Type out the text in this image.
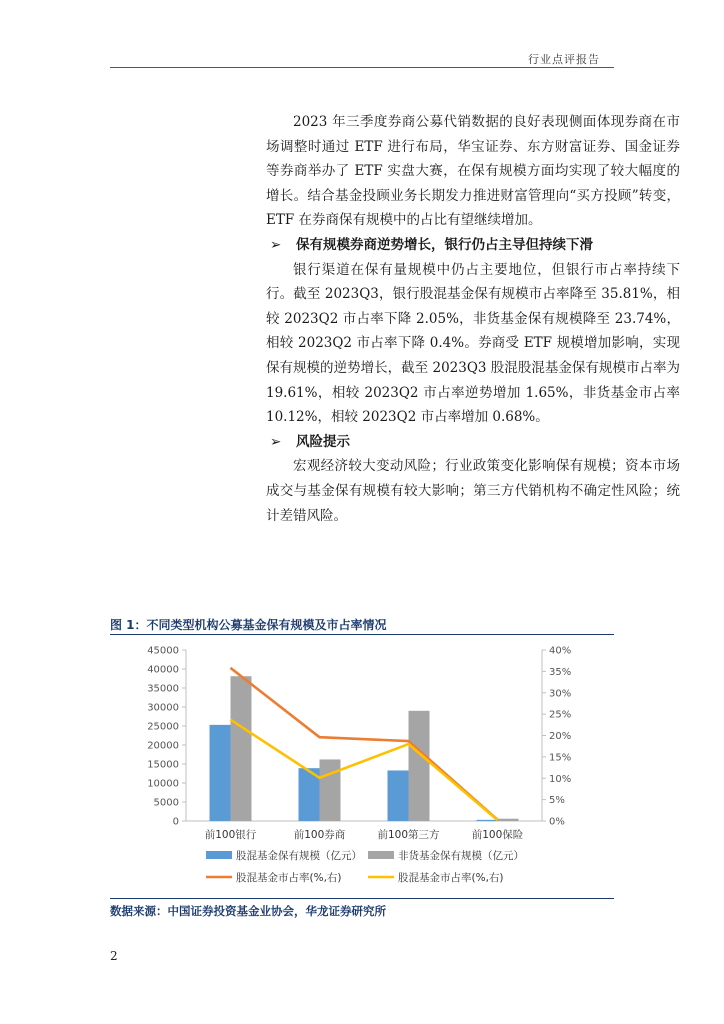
行业点评报告

2023 年三季度券商公募代销数据的良好表现侧面体现券商在市场调整时通过 ETF 进行布局，华宝证券、东方财富证券、国金证券等券商举办了 ETF 实盘大赛，在保有规模方面均实现了较大幅度的增长。结合基金投顾业务长期发力推进财富管理向“买方投顾”转变，ETF 在券商保有规模中的占比有望继续增加。

➢ 保有规模券商逆势增长，银行仍占主导但持续下滑

银行渠道在保有量规模中仍占主要地位，但银行市占率持续下行。截至 2023Q3，银行股混基金保有规模市占率降至 35.81%，相较 2023Q2 市占率下降 2.05%，非货基金保有规模降至 23.74%，相较 2023Q2 市占率下降 0.4%。券商受 ETF 规模增加影响，实现保有规模的逆势增长，截至 2023Q3 股混股混基金保有规模市占率为 19.61%，相较 2023Q2 市占率逆势增加 1.65%，非货基金市占率 10.12%，相较 2023Q2 市占率增加 0.68%。

➢ 风险提示

宏观经济较大变动风险；行业政策变化影响保有规模；资本市场成交与基金保有规模有较大影响；第三方代销机构不确定性风险；统计差错风险。

图 1：不同类型机构公募基金保有规模及市占率情况
0
5000
10000
15000
20000
25000
30000
35000
40000
45000
0%
5%
10%
15%
20%
25%
30%
35%
40%
前100银行	前100券商	前100第三方	前100保险
股混基金保有规模（亿元）	非货基金保有规模（亿元）
股混基金市占率(%,右)	股混基金市占率(%,右)
数据来源：中国证券投资基金业协会，华龙证券研究所
2
